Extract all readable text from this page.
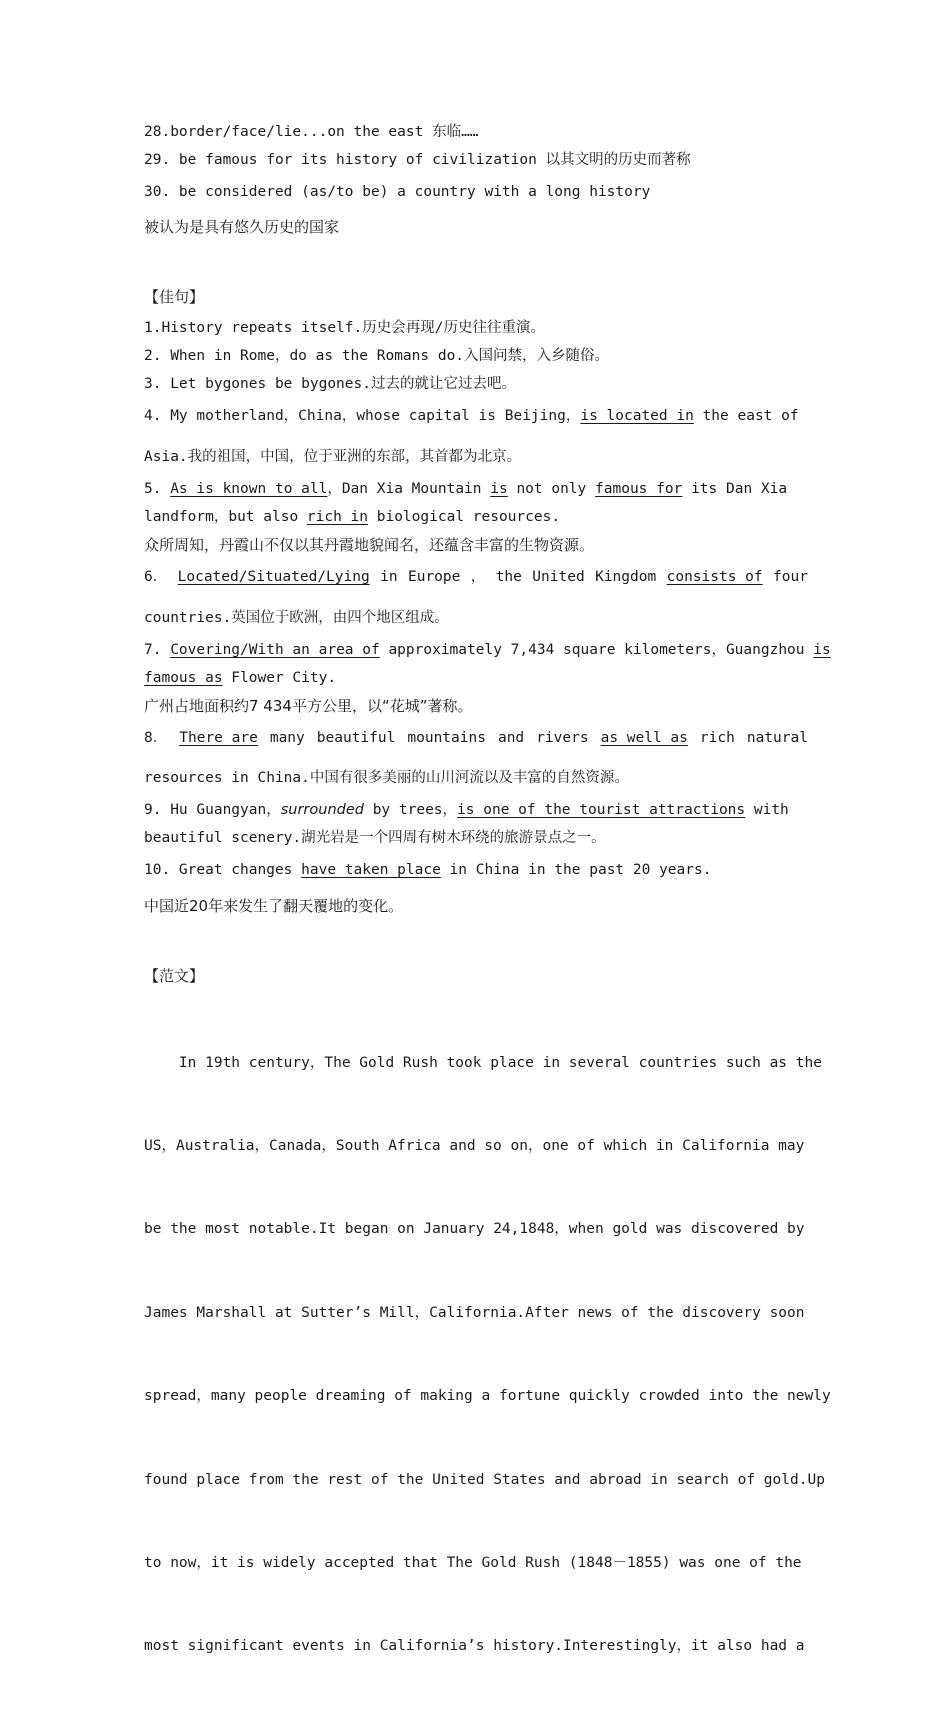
28.border/face/lie...on the east 东临……
29. be famous for its history of civilization 以其文明的历史而著称
30. be considered (as/to be) a country with a long history
被认为是具有悠久历史的国家
【佳句】
1.History repeats itself.历史会再现/历史往往重演。
2. When in Rome，do as the Romans do.入国问禁，入乡随俗。
3. Let bygones be bygones.过去的就让它过去吧。
4. My motherland，China，whose capital is Beijing，is located in the east of
Asia.我的祖国，中国，位于亚洲的东部，其首都为北京。
5. As is known to all，Dan Xia Mountain is not only famous for its Dan Xia
landform，but also rich in biological resources.
众所周知，丹霞山不仅以其丹霞地貌闻名，还蕴含丰富的生物资源。
6． Located/Situated/Lying in Europe ， the United Kingdom consists of four
countries.英国位于欧洲，由四个地区组成。
7. Covering/With an area of approximately 7,434 square kilometers，Guangzhou is
famous as Flower City.
广州占地面积约7 434平方公里，以“花城”著称。
8． There are many beautiful mountains and rivers as well as rich natural
resources in China.中国有很多美丽的山川河流以及丰富的自然资源。
9. Hu Guangyan，surrounded by trees，is one of the tourist attractions with
beautiful scenery.湖光岩是一个四周有树木环绕的旅游景点之一。
10. Great changes have taken place in China in the past 20 years.
中国近20年来发生了翻天覆地的变化。
【范文】

In 19th century，The Gold Rush took place in several countries such as the

US，Australia，Canada，South Africa and so on，one of which in California may

be the most notable.It began on January 24,1848，when gold was discovered by

James Marshall at Sutter’s Mill，California.After news of the discovery soon

spread，many people dreaming of making a fortune quickly crowded into the newly

found place from the rest of the United States and abroad in search of gold.Up

to now，it is widely accepted that The Gold Rush (1848－1855) was one of the

most significant events in California’s history.Interestingly，it also had a
